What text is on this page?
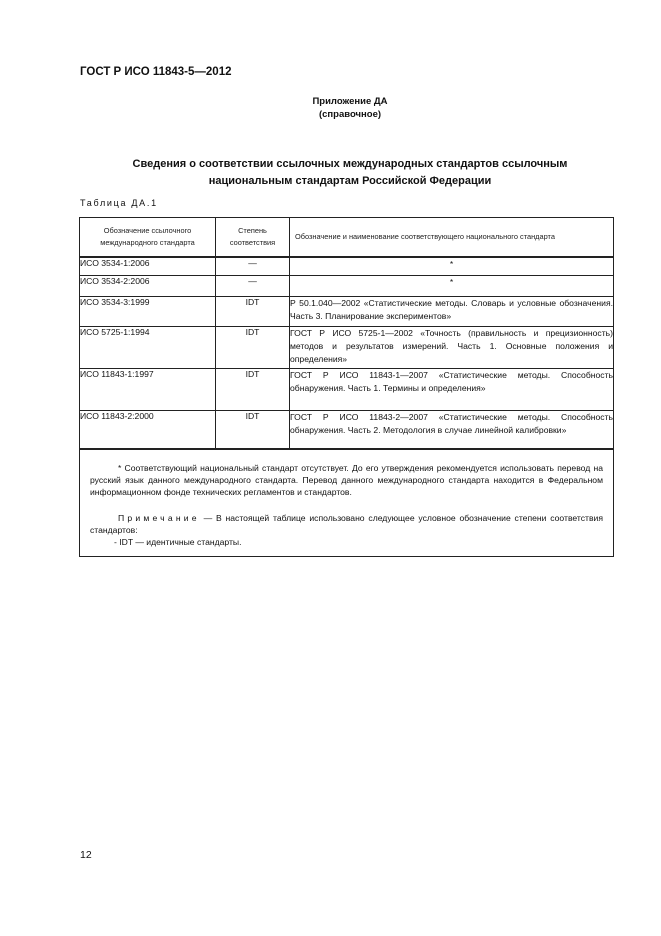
ГОСТ Р ИСО 11843-5—2012
Приложение ДА
(справочное)
Сведения о соответствии ссылочных международных стандартов ссылочным
национальным стандартам Российской Федерации
Таблица ДА.1
Обозначение ссылочного международного стандарта	Степень соответствия	Обозначение и наименование соответствующего национального стандарта
ИСО 3534-1:2006	—	*
ИСО 3534-2:2006	—	*
ИСО 3534-3:1999	IDT	Р 50.1.040—2002 «Статистические методы. Словарь и условные обозначения. Часть 3. Планирование экспериментов»
ИСО 5725-1:1994	IDT	ГОСТ Р ИСО 5725-1—2002 «Точность (правильность и прецизионность) методов и результатов измерений. Часть 1. Основные положения и определения»
ИСО 11843-1:1997	IDT	ГОСТ Р ИСО 11843-1—2007 «Статистические методы. Способность обнаружения. Часть 1. Термины и определения»
ИСО 11843-2:2000	IDT	ГОСТ Р ИСО 11843-2—2007 «Статистические методы. Способность обнаружения. Часть 2. Методология в случае линейной калибровки»

* Соответствующий национальный стандарт отсутствует. До его утверждения рекомендуется использовать перевод на русский язык данного международного стандарта. Перевод данного международного стандарта находится в Федеральном информационном фонде технических регламентов и стандартов.
Примечание — В настоящей таблице использовано следующее условное обозначение степени соответствия стандартов:
- IDT — идентичные стандарты.		
12
